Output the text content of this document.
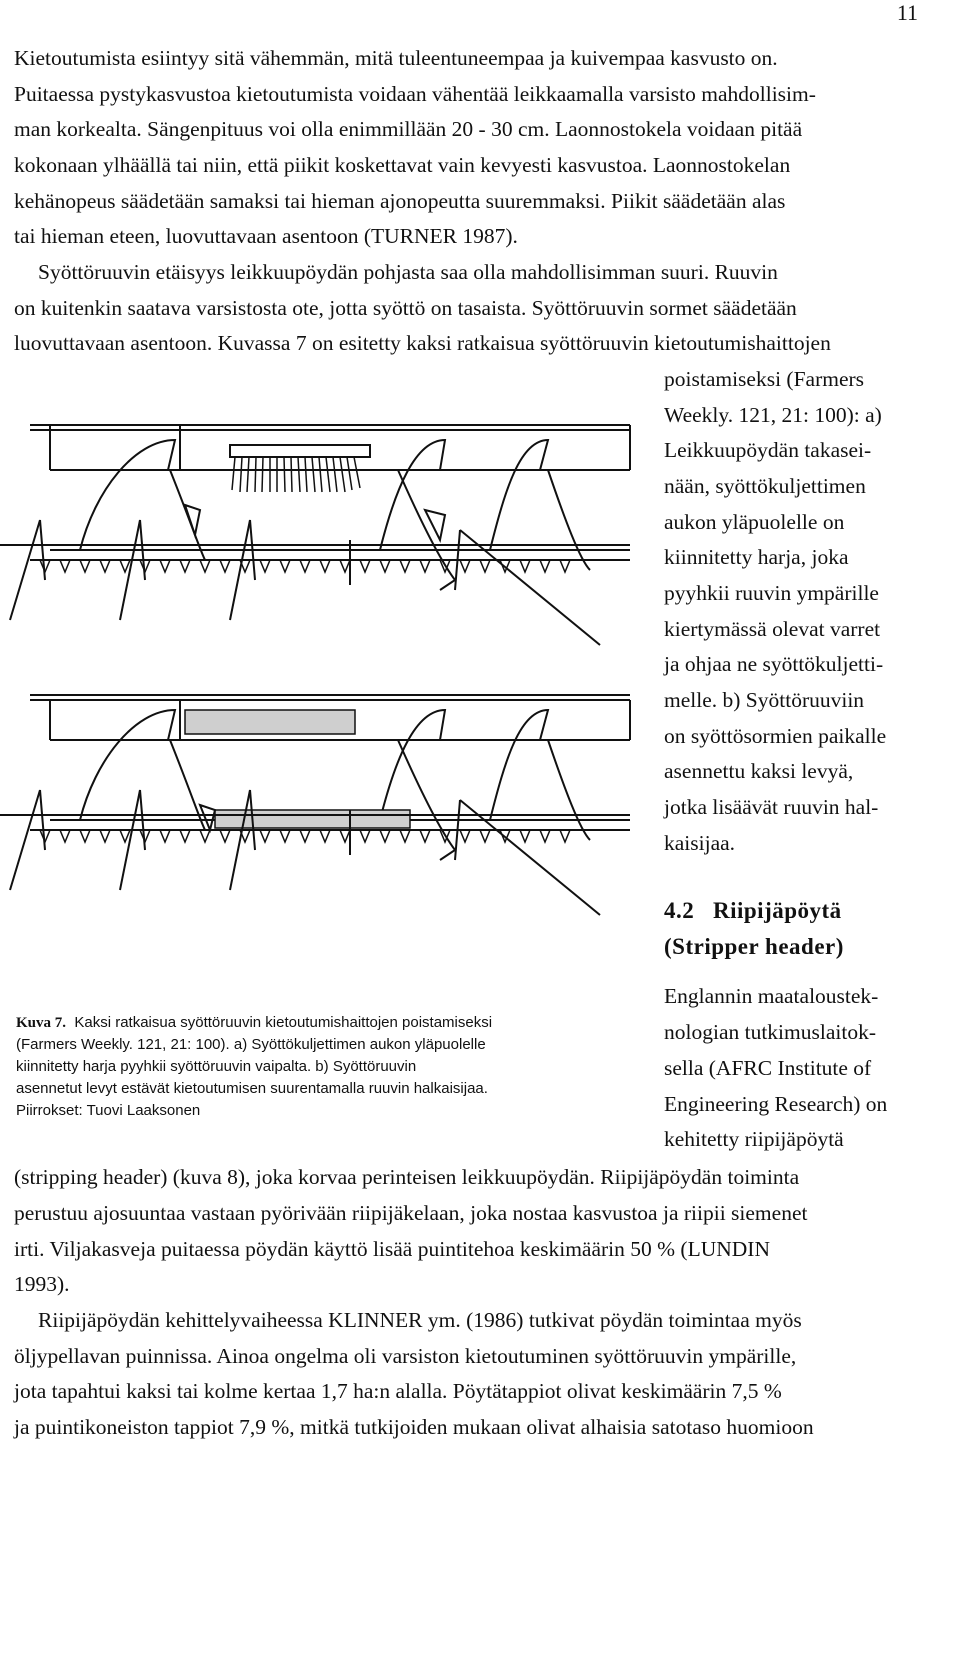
11
Kietoutumista esiintyy sitä vähemmän, mitä tuleentuneempaa ja kuivempaa kasvusto on.
Puitaessa pystykasvustoa kietoutumista voidaan vähentää leikkaamalla varsisto mahdollisim-
man korkealta. Sängenpituus voi olla enimmillään 20 - 30 cm. Laonnostokela voidaan pitää
kokonaan ylhäällä tai niin, että piikit koskettavat vain kevyesti kasvustoa. Laonnostokelan
kehänopeus säädetään samaksi tai hieman ajonopeutta suuremmaksi. Piikit säädetään alas
tai hieman eteen, luovuttavaan asentoon (TURNER 1987).
Syöttöruuvin etäisyys leikkuupöydän pohjasta saa olla mahdollisimman suuri. Ruuvin
on kuitenkin saatava varsistosta ote, jotta syöttö on tasaista. Syöttöruuvin sormet säädetään
luovuttavaan asentoon. Kuvassa 7 on esitetty kaksi ratkaisua syöttöruuvin kietoutumishaittojen
poistamiseksi (Farmers
Weekly. 121, 21: 100): a)
Leikkuupöydän takasei-
nään, syöttökuljettimen
aukon yläpuolelle on
kiinnitetty harja, joka
pyyhkii ruuvin ympärille
kiertymässä olevat varret
ja ohjaa ne syöttökuljetti-
melle. b) Syöttöruuviin
on syöttösormien paikalle
asennettu kaksi levyä,
jotka lisäävät ruuvin hal-
kaisijaa.
4.2 Riipijäpöytä
(Stripper header)
Englannin maataloustek-
nologian tutkimuslaitok-
sella (AFRC Institute of
Engineering Research) on
kehitetty riipijäpöytä
Kuva 7. Kaksi ratkaisua syöttöruuvin kietoutumishaittojen poistamiseksi
(Farmers Weekly. 121, 21: 100). a) Syöttökuljettimen aukon yläpuolelle
kiinnitetty harja pyyhkii syöttöruuvin vaipalta. b) Syöttöruuvin
asennetut levyt estävät kietoutumisen suurentamalla ruuvin halkaisijaa.
Piirrokset: Tuovi Laaksonen
(stripping header) (kuva 8), joka korvaa perinteisen leikkuupöydän. Riipijäpöydän toiminta
perustuu ajosuuntaa vastaan pyörivään riipijäkelaan, joka nostaa kasvustoa ja riipii siemenet
irti. Viljakasveja puitaessa pöydän käyttö lisää puintitehoa keskimäärin 50 % (LUNDIN
1993).
Riipijäpöydän kehittelyvaiheessa KLINNER ym. (1986) tutkivat pöydän toimintaa myös
öljypellavan puinnissa. Ainoa ongelma oli varsiston kietoutuminen syöttöruuvin ympärille,
jota tapahtui kaksi tai kolme kertaa 1,7 ha:n alalla. Pöytätappiot olivat keskimäärin 7,5 %
ja puintikoneiston tappiot 7,9 %, mitkä tutkijoiden mukaan olivat alhaisia satotaso huomioon
